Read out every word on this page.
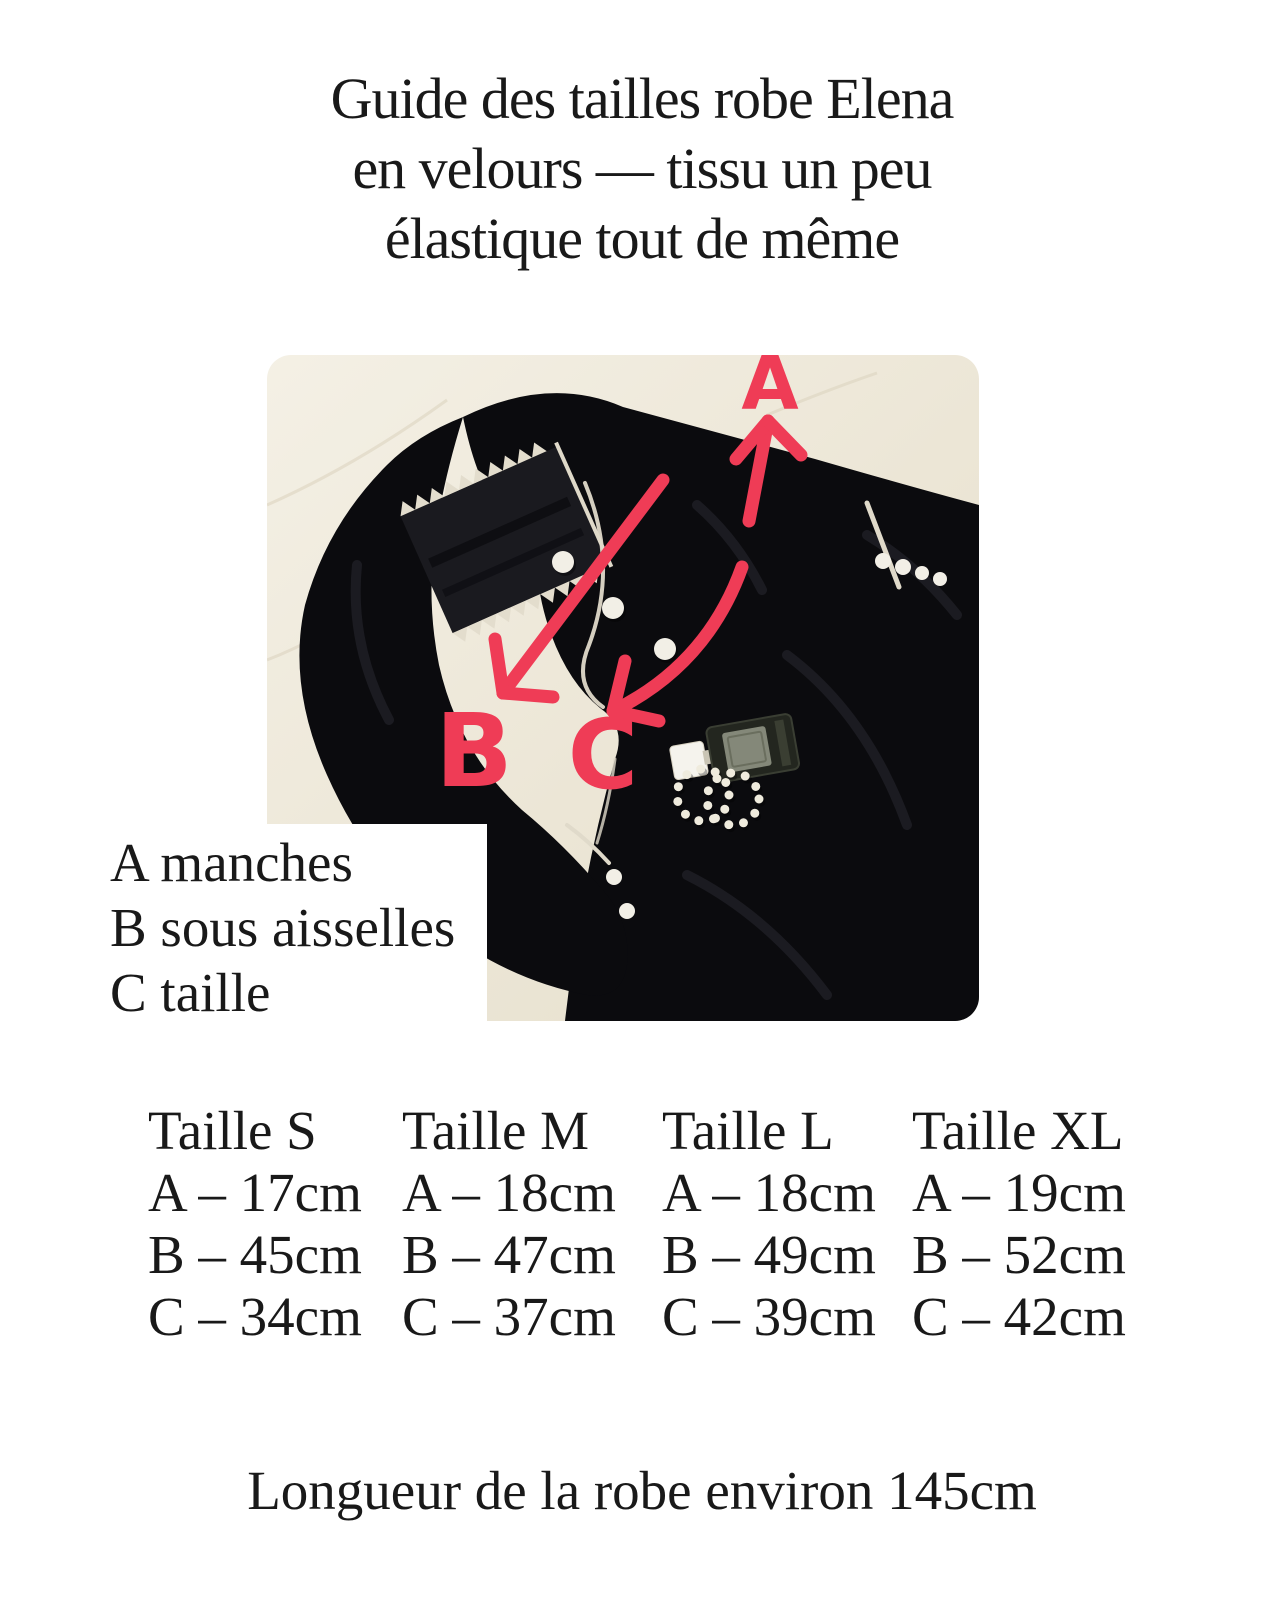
Guide des tailles robe Elena
en velours — tissu un peu
élastique tout de même
A
B C
A manches
B sous aisselles
C taille
Taille S
A – 17cm
B – 45cm
C – 34cm
Taille M
A – 18cm
B – 47cm
C – 37cm
Taille L
A – 18cm
B – 49cm
C – 39cm
Taille XL
A – 19cm
B – 52cm
C – 42cm
Longueur de la robe environ 145cm
